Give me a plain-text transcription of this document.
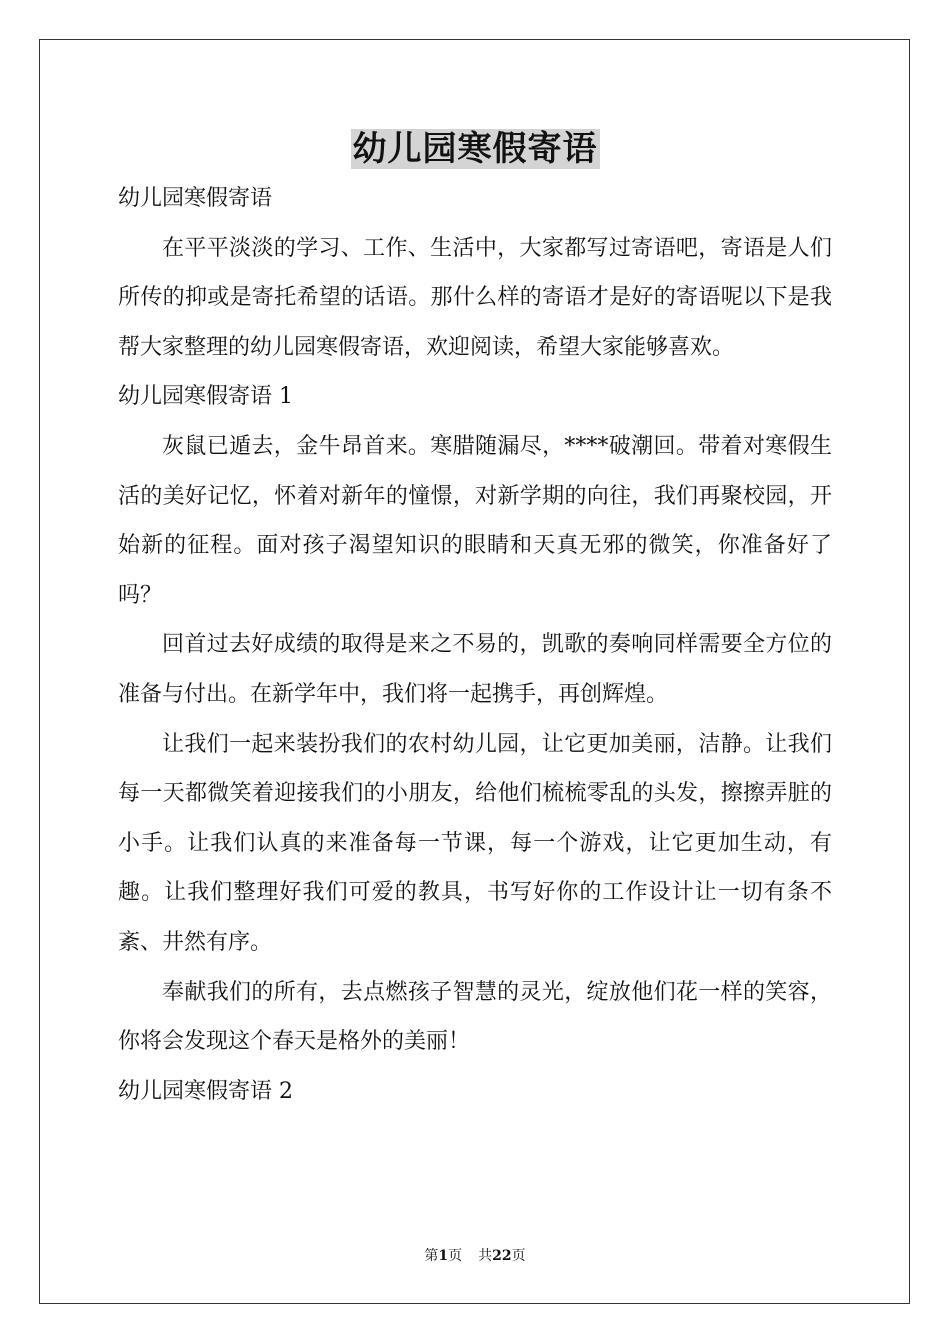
幼儿园寒假寄语

幼儿园寒假寄语

在平平淡淡的学习、工作、生活中，大家都写过寄语吧，寄语是人们所传的抑或是寄托希望的话语。那什么样的寄语才是好的寄语呢以下是我帮大家整理的幼儿园寒假寄语，欢迎阅读，希望大家能够喜欢。

幼儿园寒假寄语 1

灰鼠已遁去，金牛昂首来。寒腊随漏尽，****破潮回。带着对寒假生活的美好记忆，怀着对新年的憧憬，对新学期的向往，我们再聚校园，开始新的征程。面对孩子渴望知识的眼睛和天真无邪的微笑，你准备好了吗？

回首过去好成绩的取得是来之不易的，凯歌的奏响同样需要全方位的准备与付出。在新学年中，我们将一起携手，再创辉煌。

让我们一起来装扮我们的农村幼儿园，让它更加美丽，洁静。让我们每一天都微笑着迎接我们的小朋友，给他们梳梳零乱的头发，擦擦弄脏的小手。让我们认真的来准备每一节课，每一个游戏，让它更加生动，有趣。让我们整理好我们可爱的教具，书写好你的工作设计让一切有条不紊、井然有序。

奉献我们的所有，去点燃孩子智慧的灵光，绽放他们花一样的笑容，你将会发现这个春天是格外的美丽！

幼儿园寒假寄语 2

第1页 共22页
